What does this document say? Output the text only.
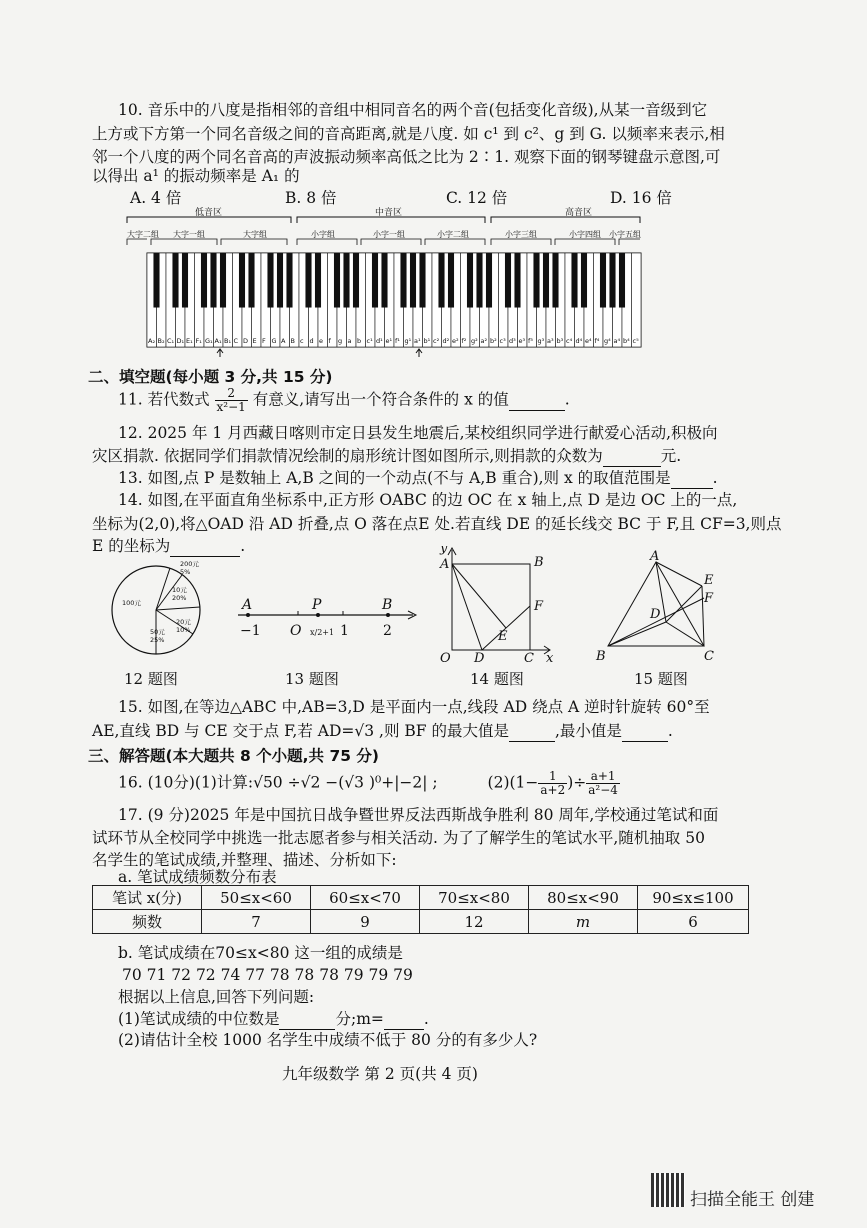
10. 音乐中的八度是指相邻的音组中相同音名的两个音(包括变化音级),从某一音级到它
上方或下方第一个同名音级之间的音高距离,就是八度. 如 c¹ 到 c²、g 到 G. 以频率来表示,相
邻一个八度的两个同名音高的声波振动频率高低之比为 2∶1. 观察下面的钢琴键盘示意图,可
以得出 a¹ 的振动频率是 A₁ 的
A. 4 倍	B. 8 倍	C. 12 倍	D. 16 倍
低音区	中音区	高音区
大字二组 大字一组	大字组	小字组	小字一组	小字二组	小字三组	小字四组 小字五组
A₂ B₂ C₁ D₁ E₁ F₁ G₁ A₁ B₁ C D E F G A B c d e f g a b c¹ d¹ e¹ f¹ g¹ a¹ b¹ c² d² e² f² g² a² b² c³ d³ e³ f³ g³ a³ b³ c⁴ d⁴ e⁴ f⁴ g⁴ a⁴ b⁴ c⁵
二、填空题(每小题 3 分,共 15 分)
11. 若代数式 $\frac{2}{\text{x²−1}}$ 有意义,请写出一个符合条件的 x 的值	.
12. 2025 年 1 月西藏日喀则市定日县发生地震后,某校组织同学进行献爱心活动,积极向
灾区捐款. 依据同学们捐款情况绘制的扇形统计图如图所示,则捐款的众数为	元.
13. 如图,点 P 是数轴上 A,B 之间的一个动点(不与 A,B 重合),则 x 的取值范围是	.
14. 如图,在平面直角坐标系中,正方形 OABC 的边 OC 在 x 轴上,点 D 是边 OC 上的一点,
坐标为(2,0),将△OAD 沿 AD 折叠,点 O 落在点E 处.若直线 DE 的延长线交 BC 于 F,且 CF=3,则点
E 的坐标为	.
200元
5%
10元
20%
20元
10%
50元
25%
100元	A	P	B
−1 O x/2+1 1 2
y
A	B
F
E
O D	C x
A
E
F
D
B	C
12 题图	13 题图	14 题图	15 题图
15. 如图,在等边△ABC 中,AB=3,D 是平面内一点,线段 AD 绕点 A 逆时针旋转 60°至
AE,直线 BD 与 CE 交于点 F,若 AD=√3 ,则 BF 的最大值是	,最小值是	.
三、解答题(本大题共 8 个小题,共 75 分)
16. (10分)(1)计算:√50 ÷√2 −(√3 )⁰+|−2| ;	$(2)(1- \frac{1}{a+2}$ )÷ $\frac{a+1}{\text{a²−4}}$
17. (9 分)2025 年是中国抗日战争暨世界反法西斯战争胜利 80 周年,学校通过笔试和面
试环节从全校同学中挑选一批志愿者参与相关活动. 为了了解学生的笔试水平,随机抽取 50
名学生的笔试成绩,并整理、描述、分析如下:
a. 笔试成绩频数分布表
笔试 x(分)	50≤x<60	60≤x<70	70≤x<80	80≤x<90	90≤x≤100
频数	7	9	12	m	6
b. 笔试成绩在70≤x<80 这一组的成绩是
70 71 72 72 74 77 78 78 78 79 79 79
根据以上信息,回答下列问题:
(1)笔试成绩的中位数是	分;m=	.
(2)请估计全校 1000 名学生中成绩不低于 80 分的有多少人?
九年级数学 第 2 页(共 4 页)
扫描全能王 创建
